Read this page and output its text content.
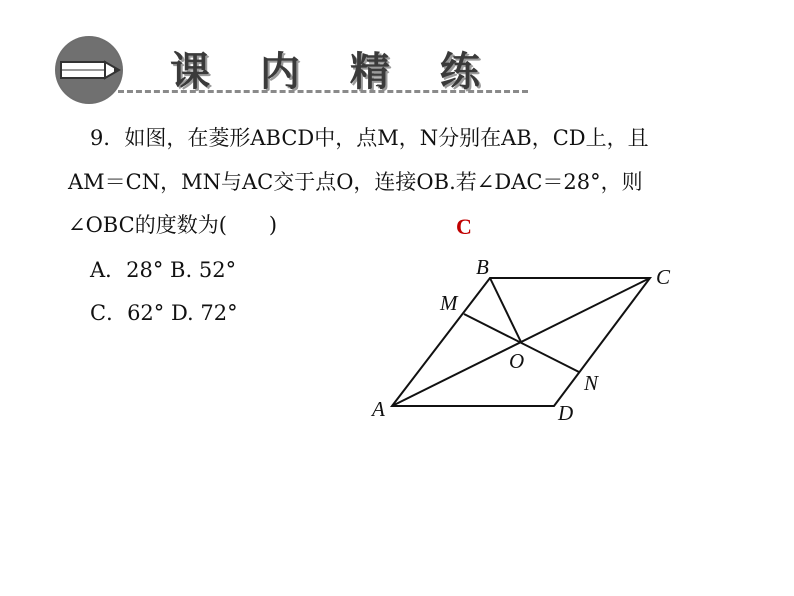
课 内 精 练
9．如图，在菱形ABCD中，点M，N分别在AB，CD上，且
AM＝CN，MN与AC交于点O，连接OB.若∠DAC＝28°，则
∠OBC的度数为(　　)	C
A．28° B. 52°
C．62° D. 72°
A
B	C
D
M
N
O
